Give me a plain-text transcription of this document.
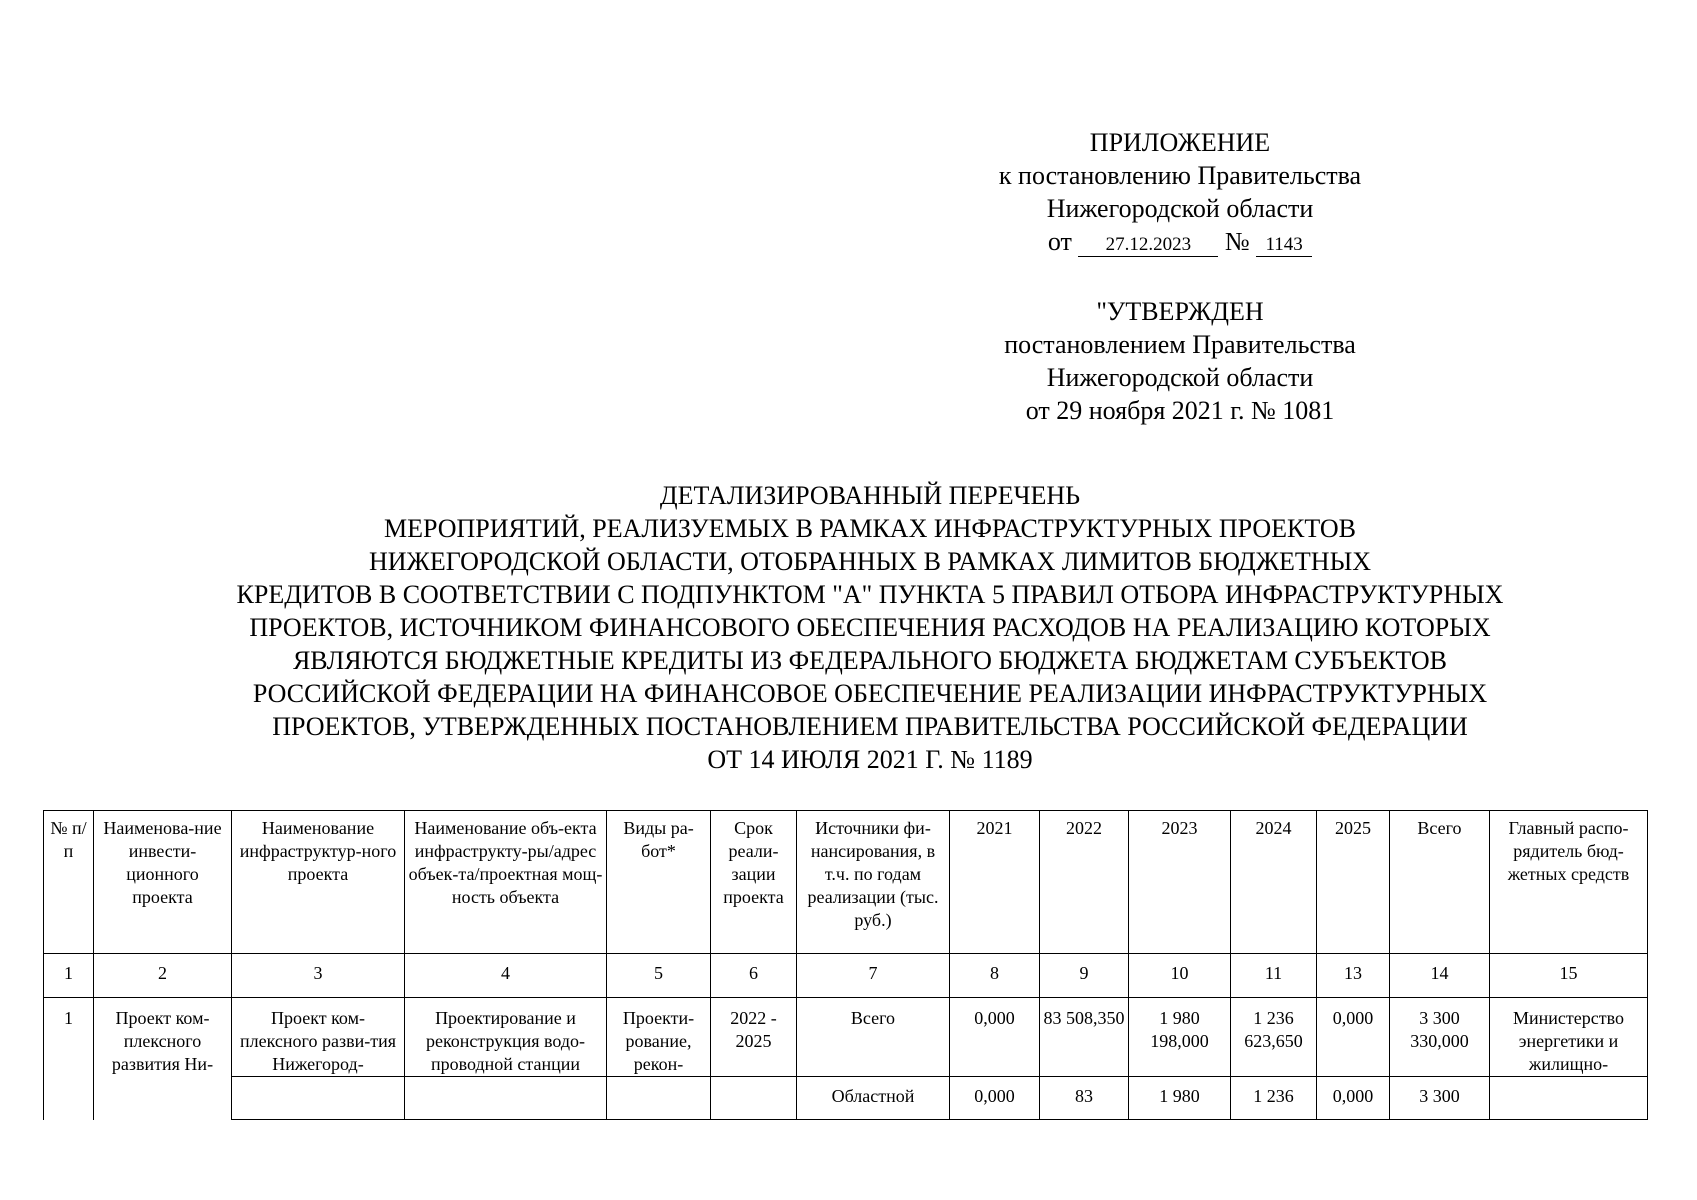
ПРИЛОЖЕНИЕ
к постановлению Правительства
Нижегородской области
от 27.12.2023 № 1143
"УТВЕРЖДЕН
постановлением Правительства
Нижегородской области
от 29 ноября 2021 г. № 1081
ДЕТАЛИЗИРОВАННЫЙ ПЕРЕЧЕНЬ
МЕРОПРИЯТИЙ, РЕАЛИЗУЕМЫХ В РАМКАХ ИНФРАСТРУКТУРНЫХ ПРОЕКТОВ
НИЖЕГОРОДСКОЙ ОБЛАСТИ, ОТОБРАННЫХ В РАМКАХ ЛИМИТОВ БЮДЖЕТНЫХ
КРЕДИТОВ В СООТВЕТСТВИИ С ПОДПУНКТОМ "А" ПУНКТА 5 ПРАВИЛ ОТБОРА ИНФРАСТРУКТУРНЫХ
ПРОЕКТОВ, ИСТОЧНИКОМ ФИНАНСОВОГО ОБЕСПЕЧЕНИЯ РАСХОДОВ НА РЕАЛИЗАЦИЮ КОТОРЫХ
ЯВЛЯЮТСЯ БЮДЖЕТНЫЕ КРЕДИТЫ ИЗ ФЕДЕРАЛЬНОГО БЮДЖЕТА БЮДЖЕТАМ СУБЪЕКТОВ
РОССИЙСКОЙ ФЕДЕРАЦИИ НА ФИНАНСОВОЕ ОБЕСПЕЧЕНИЕ РЕАЛИЗАЦИИ ИНФРАСТРУКТУРНЫХ
ПРОЕКТОВ, УТВЕРЖДЕННЫХ ПОСТАНОВЛЕНИЕМ ПРАВИТЕЛЬСТВА РОССИЙСКОЙ ФЕДЕРАЦИИ
ОТ 14 ИЮЛЯ 2021 Г. № 1189
№ п/п	Наименова-ние инвести-ционного проекта	Наименование инфраструктур-ного проекта	Наименование объ-екта инфраструкту-ры/адрес объек-та/проектная мощ-ность объекта	Виды ра-бот*	Срок реали-зации проекта	Источники фи-нансирования, в т.ч. по годам реализации (тыс. руб.)	2021	2022	2023	2024	2025	Всего	Главный распо-рядитель бюд-жетных средств
1	2	3	4	5	6	7	8	9	10	11	13	14	15
1	Проект ком-плексного развития Ни-	Проект ком-плексного разви-тия Нижегород-	Проектирование и реконструкция водо-проводной станции	Проекти-рование, рекон-	2022 - 2025	Всего	0,000	83 508,350	1 980 198,000	1 236 623,650	0,000	3 300 330,000	Министерство энергетики и жилищно-
						Областной	0,000	83	1 980	1 236	0,000	3 300	
